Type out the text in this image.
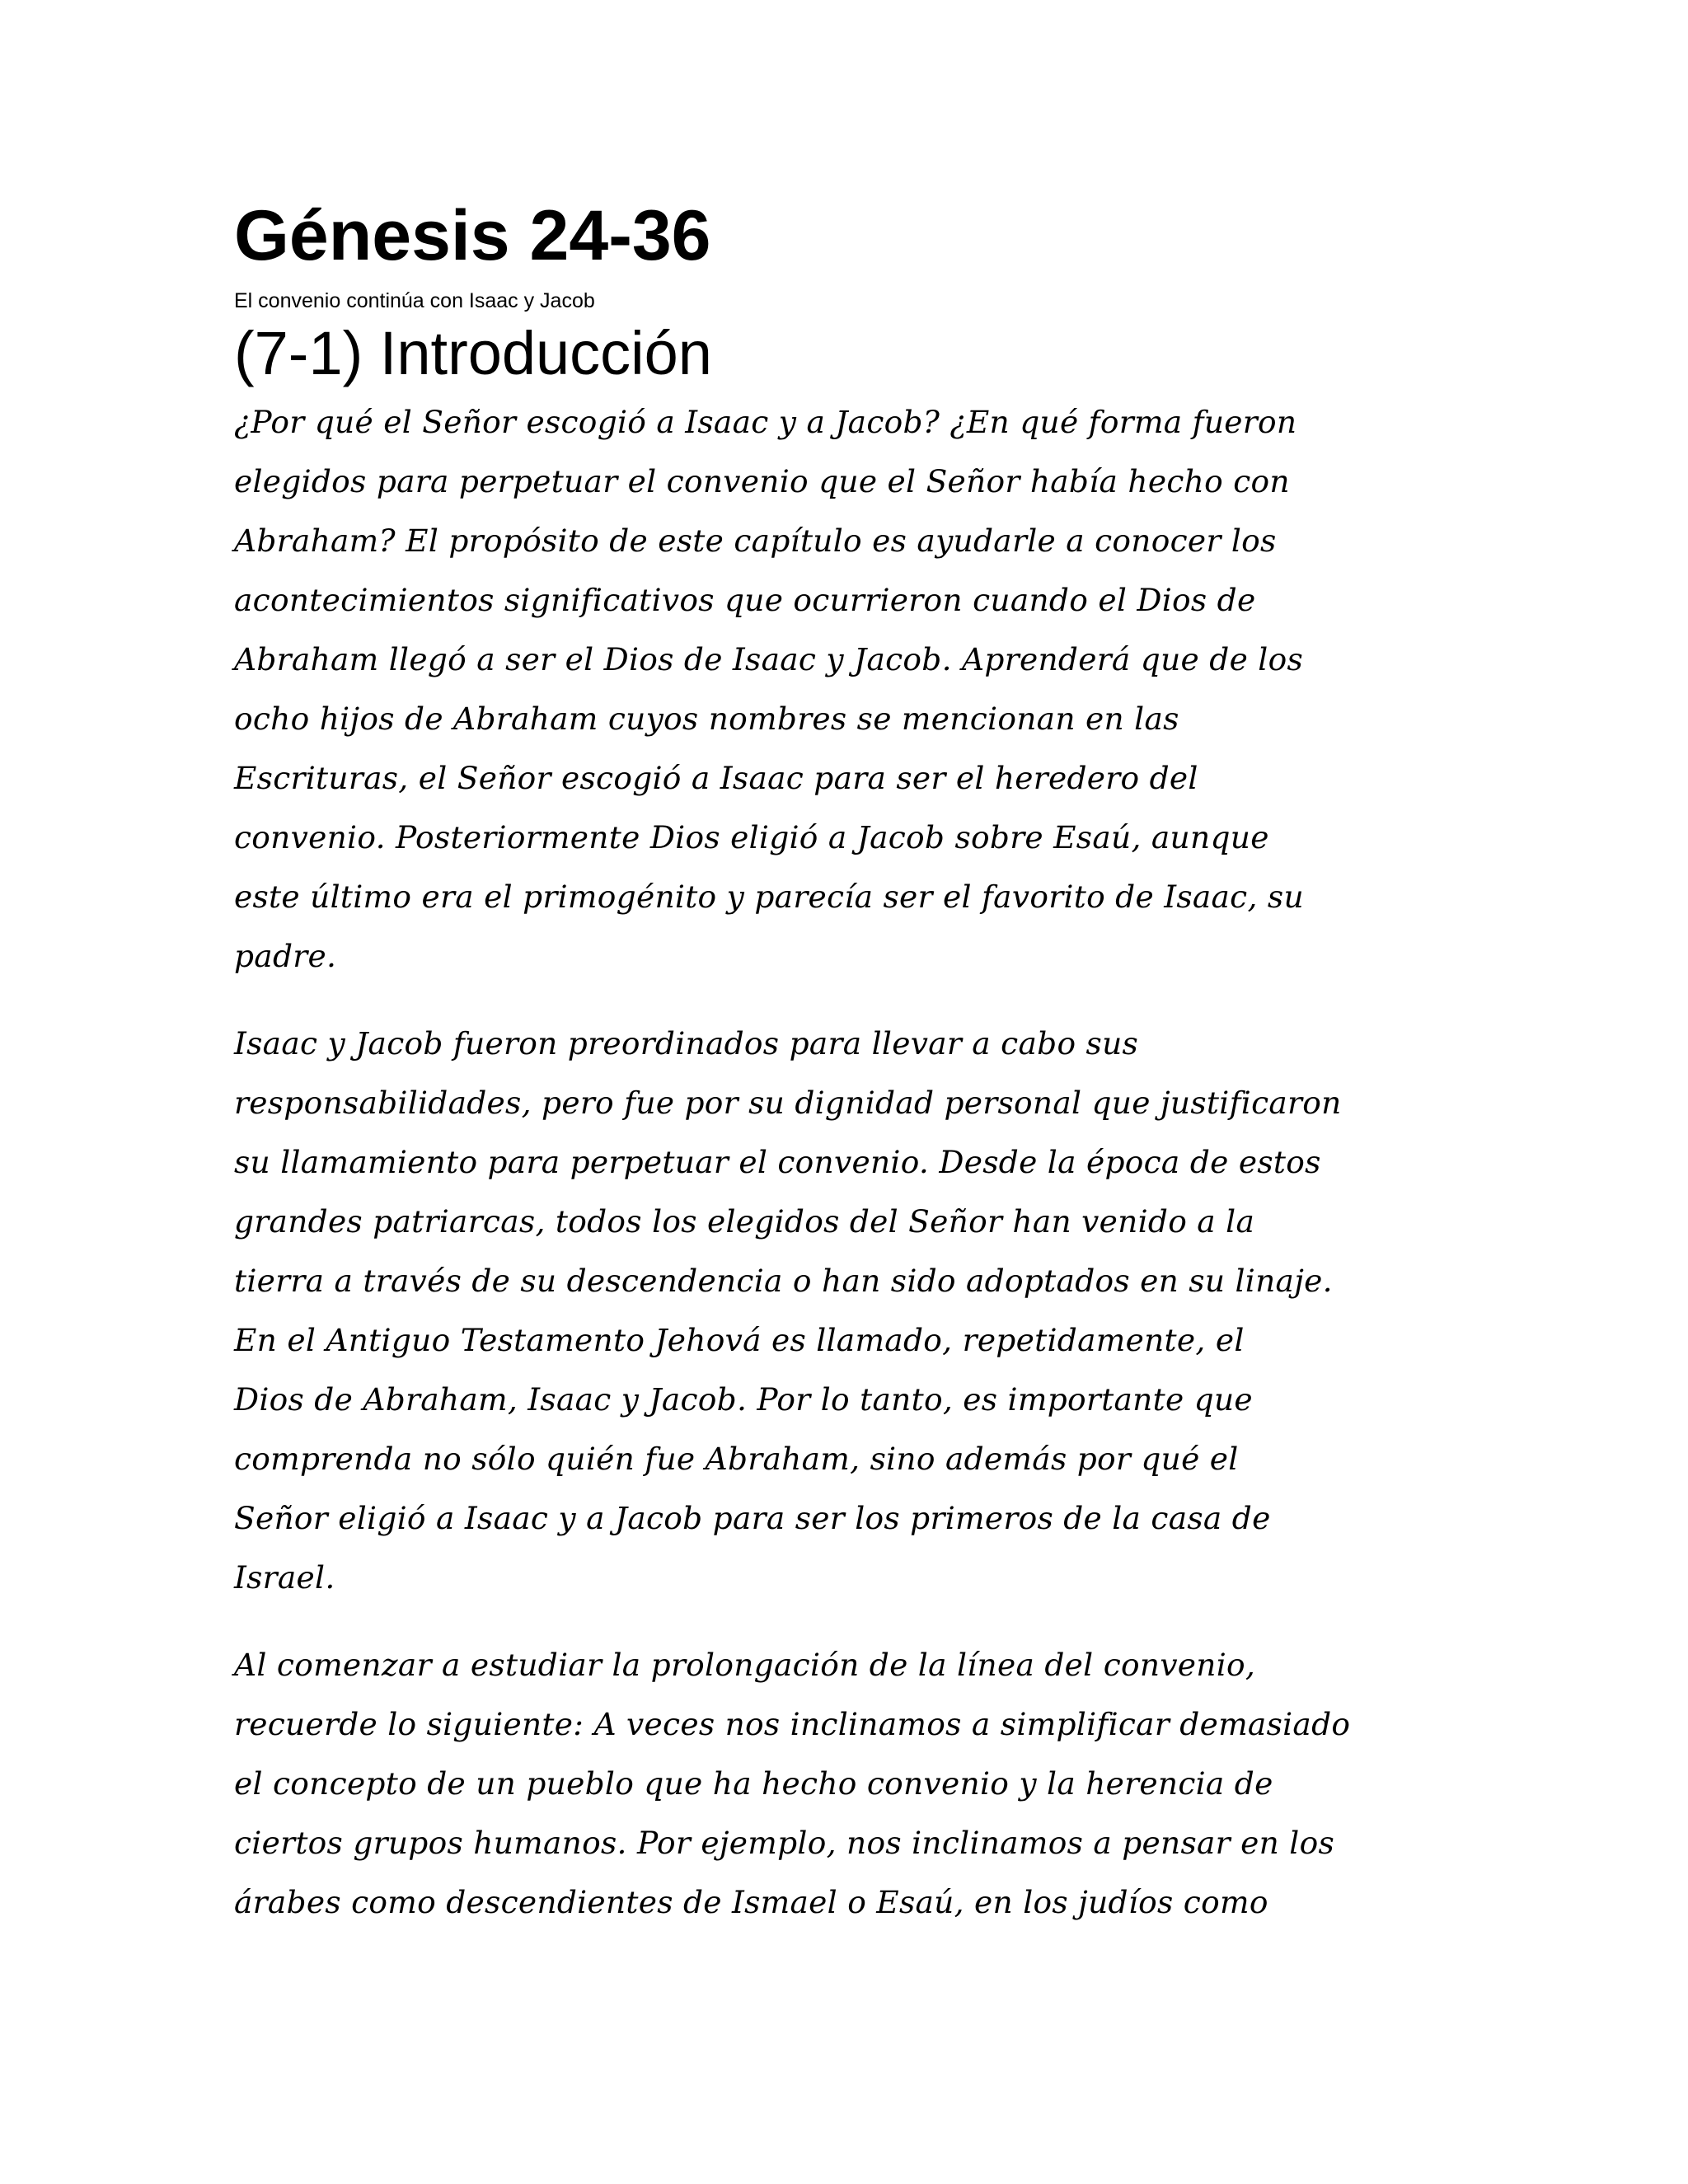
Génesis 24-36
El convenio continúa con Isaac y Jacob
(7-1) Introducción
¿Por qué el Señor escogió a Isaac y a Jacob? ¿En qué forma fueron
elegidos para perpetuar el convenio que el Señor había hecho con
Abraham? El propósito de este capítulo es ayudarle a conocer los
acontecimientos significativos que ocurrieron cuando el Dios de
Abraham llegó a ser el Dios de Isaac y Jacob. Aprenderá que de los
ocho hijos de Abraham cuyos nombres se mencionan en las
Escrituras, el Señor escogió a Isaac para ser el heredero del
convenio. Posteriormente Dios eligió a Jacob sobre Esaú, aunque
este último era el primogénito y parecía ser el favorito de Isaac, su
padre.
Isaac y Jacob fueron preordinados para llevar a cabo sus
responsabilidades, pero fue por su dignidad personal que justificaron
su llamamiento para perpetuar el convenio. Desde la época de estos
grandes patriarcas, todos los elegidos del Señor han venido a la
tierra a través de su descendencia o han sido adoptados en su linaje.
En el Antiguo Testamento Jehová es llamado, repetidamente, el
Dios de Abraham, Isaac y Jacob. Por lo tanto, es importante que
comprenda no sólo quién fue Abraham, sino además por qué el
Señor eligió a Isaac y a Jacob para ser los primeros de la casa de
Israel.
Al comenzar a estudiar la prolongación de la línea del convenio,
recuerde lo siguiente: A veces nos inclinamos a simplificar demasiado
el concepto de un pueblo que ha hecho convenio y la herencia de
ciertos grupos humanos. Por ejemplo, nos inclinamos a pensar en los
árabes como descendientes de Ismael o Esaú, en los judíos como
